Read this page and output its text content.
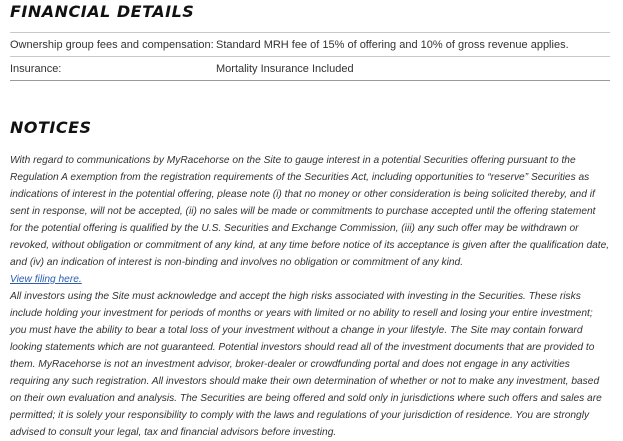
FINANCIAL DETAILS
Ownership group fees and compensation: Standard MRH fee of 15% of offering and 10% of gross revenue applies.
Insurance:	Mortality Insurance Included
NOTICES

With regard to communications by MyRacehorse on the Site to gauge interest in a potential Securities offering pursuant to the Regulation A exemption from the registration requirements of the Securities Act, including opportunities to “reserve” Securities as indications of interest in the potential offering, please note (i) that no money or other consideration is being solicited thereby, and if sent in response, will not be accepted, (ii) no sales will be made or commitments to purchase accepted until the offering statement for the potential offering is qualified by the U.S. Securities and Exchange Commission, (iii) any such offer may be withdrawn or revoked, without obligation or commitment of any kind, at any time before notice of its acceptance is given after the qualification date, and (iv) an indication of interest is non-binding and involves no obligation or commitment of any kind.

View filing here.

All investors using the Site must acknowledge and accept the high risks associated with investing in the Securities. These risks include holding your investment for periods of months or years with limited or no ability to resell and losing your entire investment; you must have the ability to bear a total loss of your investment without a change in your lifestyle. The Site may contain forward looking statements which are not guaranteed. Potential investors should read all of the investment documents that are provided to them. MyRacehorse is not an investment advisor, broker-dealer or crowdfunding portal and does not engage in any activities requiring any such registration. All investors should make their own determination of whether or not to make any investment, based on their own evaluation and analysis. The Securities are being offered and sold only in jurisdictions where such offers and sales are permitted; it is solely your responsibility to comply with the laws and regulations of your jurisdiction of residence. You are strongly advised to consult your legal, tax and financial advisors before investing.
